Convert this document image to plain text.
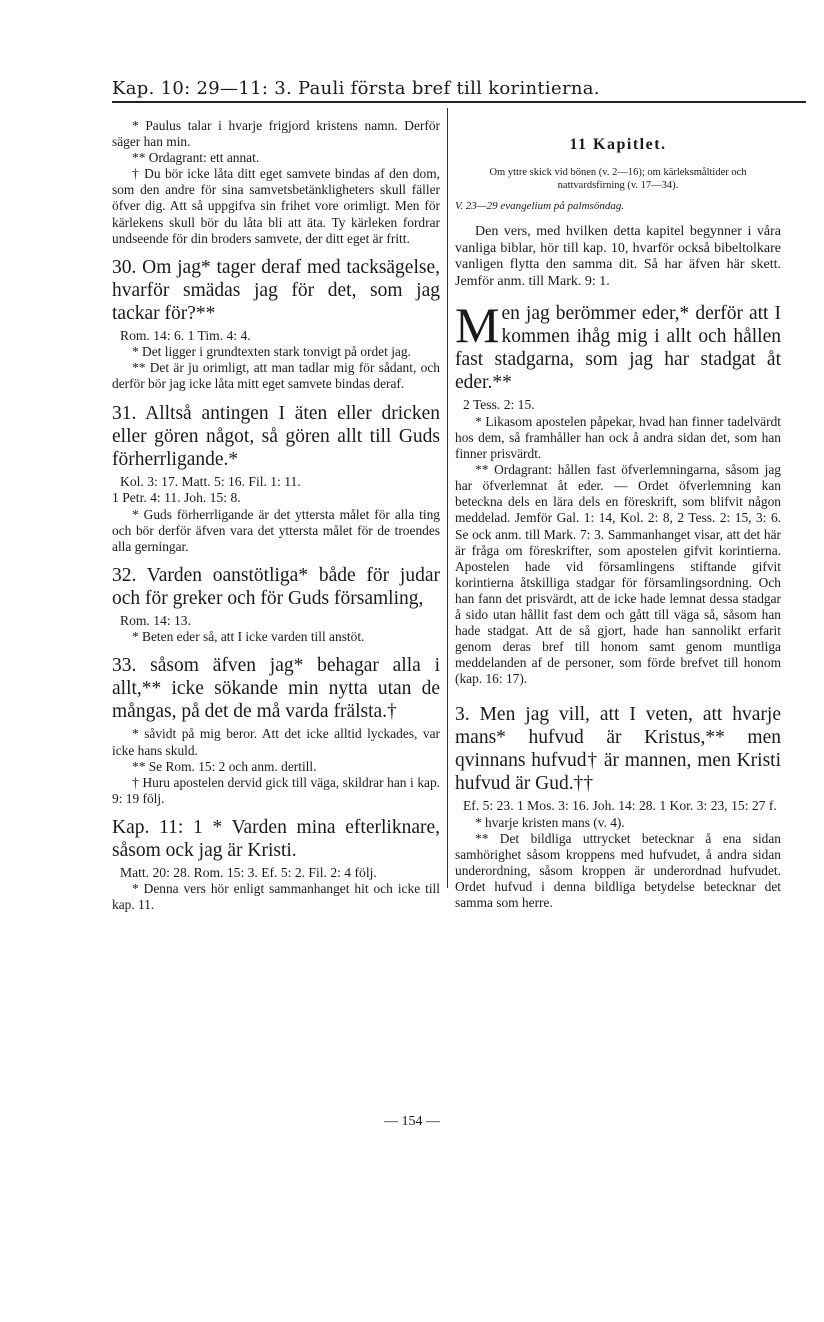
Kap. 10: 29—11: 3. Pauli första bref till korintierna.
* Paulus talar i hvarje frigjord kristens namn. Derför säger han min.
** Ordagrant: ett annat.
† Du bör icke låta ditt eget samvete bindas af den dom, som den andre för sina samvetsbetänkligheters skull fäller öfver dig. Att så uppgifva sin frihet vore orimligt. Men för kärlekens skull bör du låta bli att äta. Ty kärleken fordrar undseende för din broders samvete, der ditt eget är fritt.
30. Om jag* tager deraf med tacksägelse, hvarför smädas jag för det, som jag tackar för?**
Rom. 14: 6. 1 Tim. 4: 4.
* Det ligger i grundtexten stark tonvigt på ordet jag.
** Det är ju orimligt, att man tadlar mig för sådant, och derför bör jag icke låta mitt eget samvete bindas deraf.
31. Alltså antingen I äten eller dricken eller gören något, så gören allt till Guds förherrligande.*
Kol. 3: 17. Matt. 5: 16. Fil. 1: 11.
1 Petr. 4: 11. Joh. 15: 8.
* Guds förherrligande är det yttersta målet för alla ting och bör derför äfven vara det yttersta målet för de troendes alla gerningar.
32. Varden oanstötliga* både för judar och för greker och för Guds församling,
Rom. 14: 13.
* Beten eder så, att I icke varden till anstöt.
33. såsom äfven jag* behagar alla i allt,** icke sökande min nytta utan de mångas, på det de må varda frälsta.†
* såvidt på mig beror. Att det icke alltid lyckades, var icke hans skuld.
** Se Rom. 15: 2 och anm. dertill.
† Huru apostelen dervid gick till väga, skildrar han i kap. 9: 19 följ.
Kap. 11: 1 * Varden mina efterliknare, såsom ock jag är Kristi.
Matt. 20: 28. Rom. 15: 3. Ef. 5: 2. Fil. 2: 4 följ.
* Denna vers hör enligt sammanhanget hit och icke till kap. 11.
11 Kapitlet.
Om yttre skick vid bönen (v. 2—16); om kärleksmåltider och nattvardsfirning (v. 17—34).
V. 23—29 evangelium på palmsöndag.
Den vers, med hvilken detta kapitel begynner i våra vanliga biblar, hör till kap. 10, hvarför också bibeltolkare vanligen flytta den samma dit. Så har äfven här skett. Jemför anm. till Mark. 9: 1.
Men jag berömmer eder,* derför att I kommen ihåg mig i allt och hållen fast stadgarna, som jag har stadgat åt eder.**
2 Tess. 2: 15.
* Likasom apostelen påpekar, hvad han finner tadelvärdt hos dem, så framhåller han ock å andra sidan det, som han finner prisvärdt.
** Ordagrant: hållen fast öfverlemningarna, såsom jag har öfverlemnat åt eder. — Ordet öfverlemning kan beteckna dels en lära dels en föreskrift, som blifvit någon meddelad. Jemför Gal. 1: 14, Kol. 2: 8, 2 Tess. 2: 15, 3: 6. Se ock anm. till Mark. 7: 3. Sammanhanget visar, att det här är fråga om föreskrifter, som apostelen gifvit korintierna. Apostelen hade vid församlingens stiftande gifvit korintierna åtskilliga stadgar för församlingsordning. Och han fann det prisvärdt, att de icke hade lemnat dessa stadgar å sido utan hållit fast dem och gått till väga så, såsom han hade stadgat. Att de så gjort, hade han sannolikt erfarit genom deras bref till honom samt genom muntliga meddelanden af de personer, som förde brefvet till honom (kap. 16: 17).
3. Men jag vill, att I veten, att hvarje mans* hufvud är Kristus,** men qvinnans hufvud† är mannen, men Kristi hufvud är Gud.††
Ef. 5: 23. 1 Mos. 3: 16. Joh. 14: 28. 1 Kor. 3: 23, 15: 27 f.
* hvarje kristen mans (v. 4).
** Det bildliga uttrycket betecknar å ena sidan samhörighet såsom kroppens med hufvudet, å andra sidan underordning, såsom kroppen är underordnad hufvudet. Ordet hufvud i denna bildliga betydelse betecknar det samma som herre.
— 154 —
